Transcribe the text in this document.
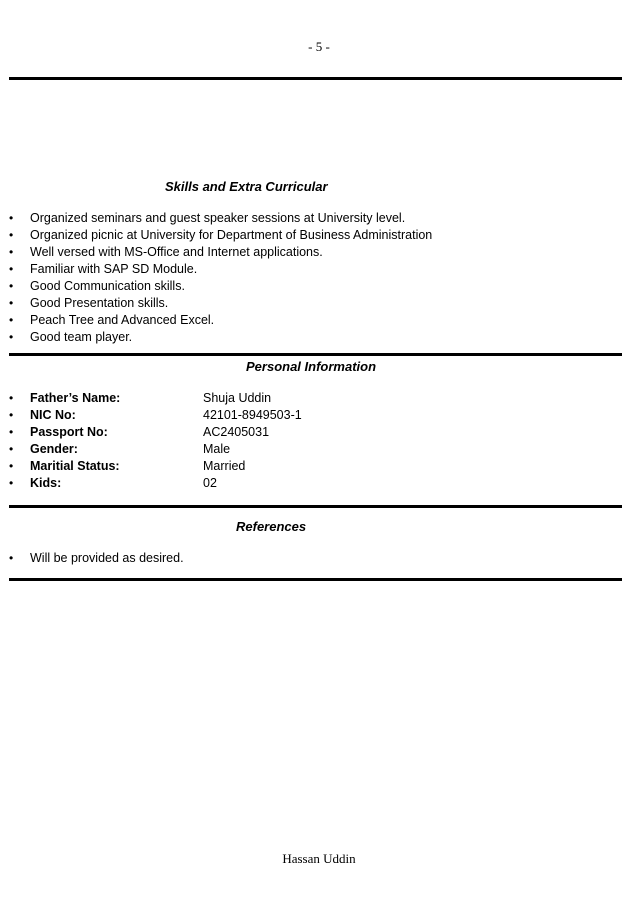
- 5 -
Skills and Extra Curricular
• Organized seminars and guest speaker sessions at University level.
• Organized picnic at University for Department of Business Administration
• Well versed with MS-Office and Internet applications.
• Familiar with SAP SD Module.
• Good Communication skills.
• Good Presentation skills.
• Peach Tree and Advanced Excel.
• Good team player.
Personal Information
• Father’s Name:	Shuja Uddin
• NIC No:	42101-8949503-1
• Passport No:	AC2405031
• Gender:	Male
• Maritial Status:	Married
• Kids:	02
References
• Will be provided as desired.
Hassan Uddin
